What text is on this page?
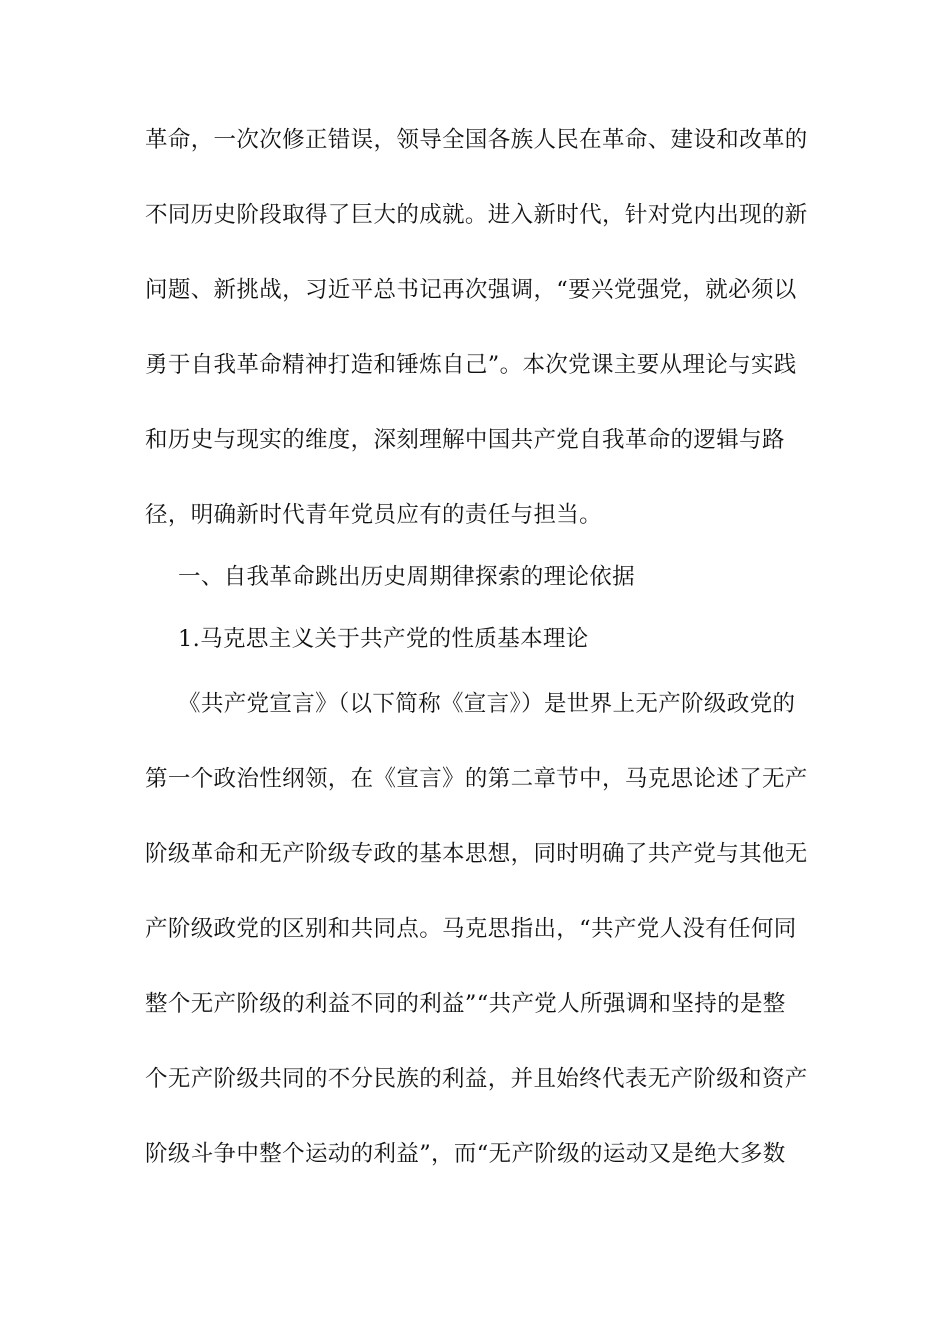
革命，一次次修正错误，领导全国各族人民在革命、建设和改革的
不同历史阶段取得了巨大的成就。进入新时代，针对党内出现的新
问题、新挑战，习近平总书记再次强调，“要兴党强党，就必须以
勇于自我革命精神打造和锤炼自己”。本次党课主要从理论与实践
和历史与现实的维度，深刻理解中国共产党自我革命的逻辑与路
径，明确新时代青年党员应有的责任与担当。
一、自我革命跳出历史周期律探索的理论依据
1.马克思主义关于共产党的性质基本理论
《共产党宣言》（以下简称《宣言》）是世界上无产阶级政党的
第一个政治性纲领，在《宣言》的第二章节中，马克思论述了无产
阶级革命和无产阶级专政的基本思想，同时明确了共产党与其他无
产阶级政党的区别和共同点。马克思指出，“共产党人没有任何同
整个无产阶级的利益不同的利益”“共产党人所强调和坚持的是整
个无产阶级共同的不分民族的利益，并且始终代表无产阶级和资产
阶级斗争中整个运动的利益”，而“无产阶级的运动又是绝大多数
